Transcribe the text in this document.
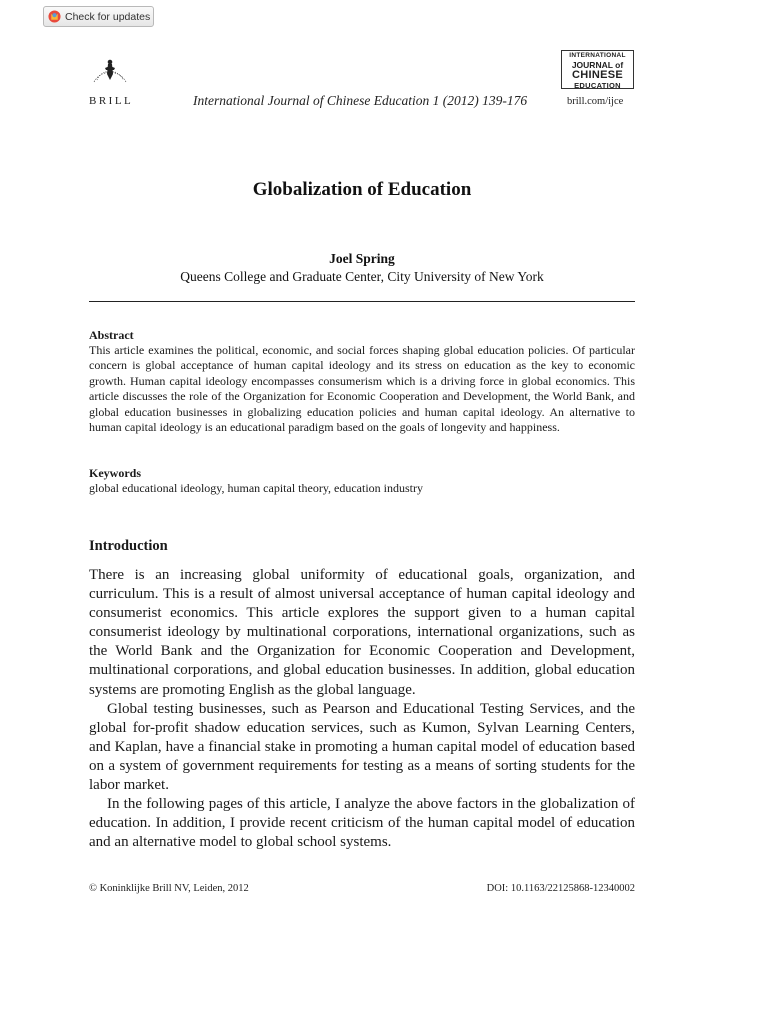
Check for updates
BRILL	International Journal of Chinese Education 1 (2012) 139-176
INTERNATIONAL
JOURNAL of
CHINESE
EDUCATION
brill.com/ijce
Globalization of Education
Joel Spring
Queens College and Graduate Center, City University of New York
Abstract
This article examines the political, economic, and social forces shaping global education policies. Of particular concern is global acceptance of human capital ideology and its stress on education as the key to economic growth. Human capital ideology encompasses consumerism which is a driving force in global economics. This article discusses the role of the Organization for Economic Cooperation and Development, the World Bank, and global education businesses in globalizing education policies and human capital ideology. An alternative to human capital ideology is an educational paradigm based on the goals of longevity and happiness.
Keywords
global educational ideology, human capital theory, education industry
Introduction

There is an increasing global uniformity of educational goals, organization, and curriculum. This is a result of almost universal acceptance of human capital ideology and consumerist economics. This article explores the support given to a human capital consumerist ideology by multinational corporations, international organizations, such as the World Bank and the Organization for Economic Cooperation and Development, multinational corporations, and global education businesses. In addition, global education systems are promoting English as the global language.

Global testing businesses, such as Pearson and Educational Testing Services, and the global for-profit shadow education services, such as Kumon, Sylvan Learning Centers, and Kaplan, have a financial stake in promoting a human capital model of education based on a system of government requirements for testing as a means of sorting students for the labor market.

In the following pages of this article, I analyze the above factors in the globalization of education. In addition, I provide recent criticism of the human capital model of education and an alternative model to global school systems.

© Koninklijke Brill NV, Leiden, 2012	DOI: 10.1163/22125868-12340002
